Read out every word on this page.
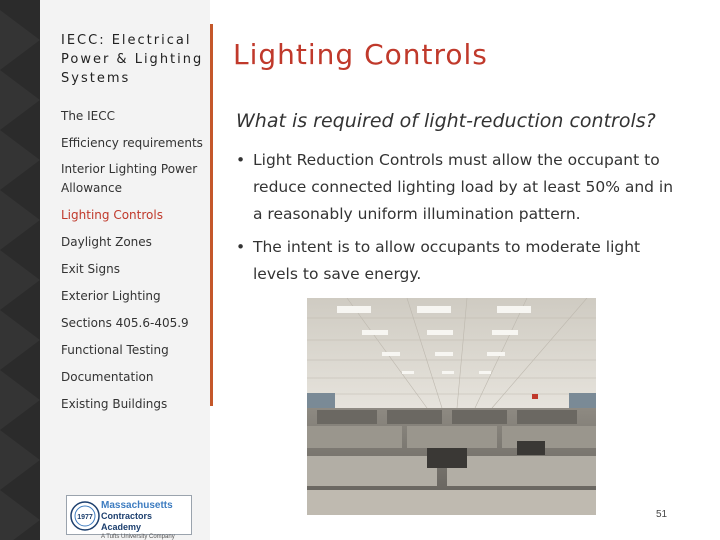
IECC: Electrical Power & Lighting Systems
The IECC
Efficiency requirements
Interior Lighting Power Allowance
Lighting Controls
Daylight Zones
Exit Signs
Exterior Lighting
Sections 405.6-405.9
Functional Testing
Documentation
Existing Buildings
Lighting Controls
What is required of light-reduction controls?
• Light Reduction Controls must allow the occupant to reduce connected lighting load by at least 50% and in a reasonably uniform illumination pattern.
• The intent is to allow occupants to moderate light levels to save energy.
1977
Massachusetts
Contractors Academy
A Tufts University Company
51
